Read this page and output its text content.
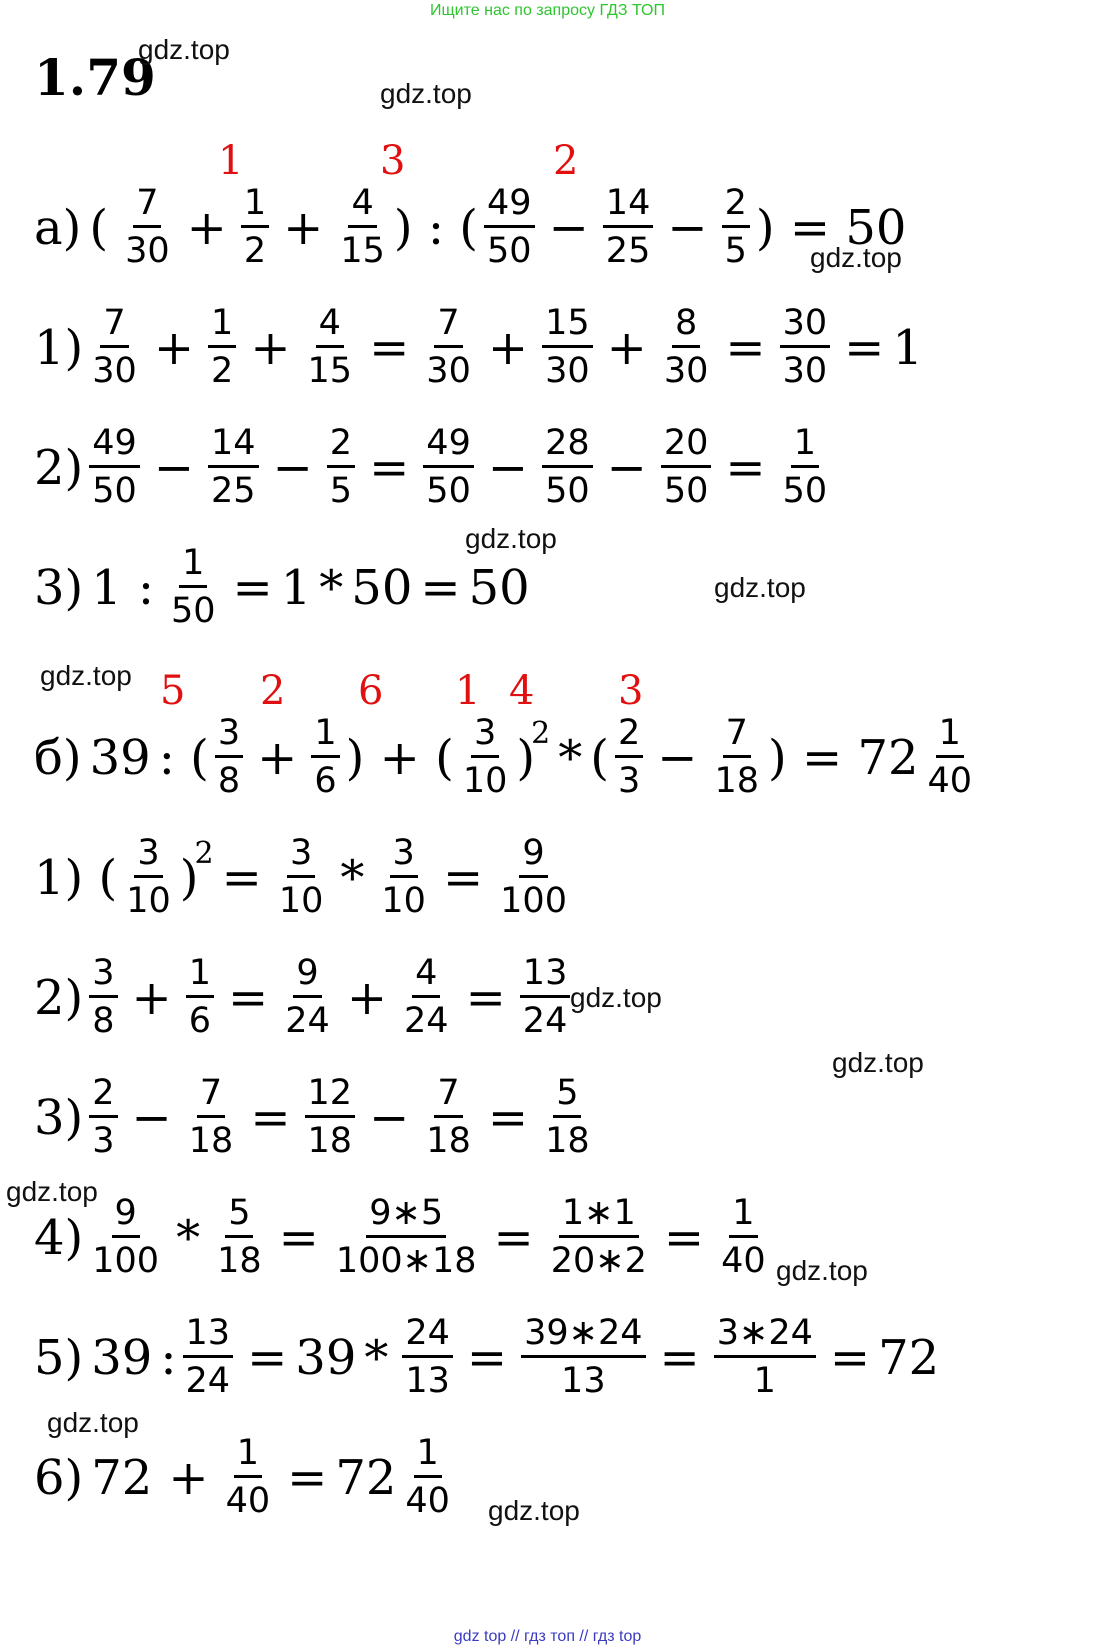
Ищите нас по запросу ГДЗ ТОП
gdz top // гдз топ // гдз top
1.79
gdz.top
gdz.top
gdz.top
gdz.top
gdz.top
gdz.top
gdz.top
gdz.top
gdz.top
gdz.top
gdz.top
gdz.top
1	3	2
а) ( $\frac{7}{30} + \frac{1}{2} + \frac{4}{15}$ ) : ( $\frac{49}{50} - \frac{14}{25} - \frac{2}{5}$ ) = 50
$1) \frac{7}{30} + \frac{1}{2} + \frac{4}{15} = \frac{7}{30} + \frac{15}{30} + \frac{8}{30} = \frac{30}{30} = 1$
$2) \frac{49}{50} - \frac{14}{25} - \frac{2}{5} = \frac{49}{50} - \frac{28}{50} - \frac{20}{50} = \frac{1}{50}$
3) 1 : $\frac{1}{50} = 1 * 50 = 50$
5 2 6 1 4 3
б) 39 : ( $\frac{3}{8} + \frac{1}{6}$ ) + ( $\frac{3}{10}$ )
2 * ( $\frac{2}{3} - \frac{7}{18}$ ) = $72 \frac{1}{40}$
1) ( $\frac{3}{10}$ )
$2 = \frac{3}{10} * \frac{3}{10} = \frac{9}{100}$
$2) \frac{3}{8} + \frac{1}{6} = \frac{9}{24} + \frac{4}{24} = \frac{13}{24}$
$3) \frac{2}{3} - \frac{7}{18} = \frac{12}{18} - \frac{7}{18} = \frac{5}{18}$
$4) \frac{9}{100} * \frac{5}{18} = \frac{9∗5}{100∗18} = \frac{1∗1}{20∗2} = \frac{1}{40}$
5) 39 : $\frac{13}{24} = 39 * \frac{24}{13} = \frac{39∗24}{13} = \frac{3∗24}{1} = 72$
6) $72 + \frac{1}{40} = 72 \frac{1}{40}$
